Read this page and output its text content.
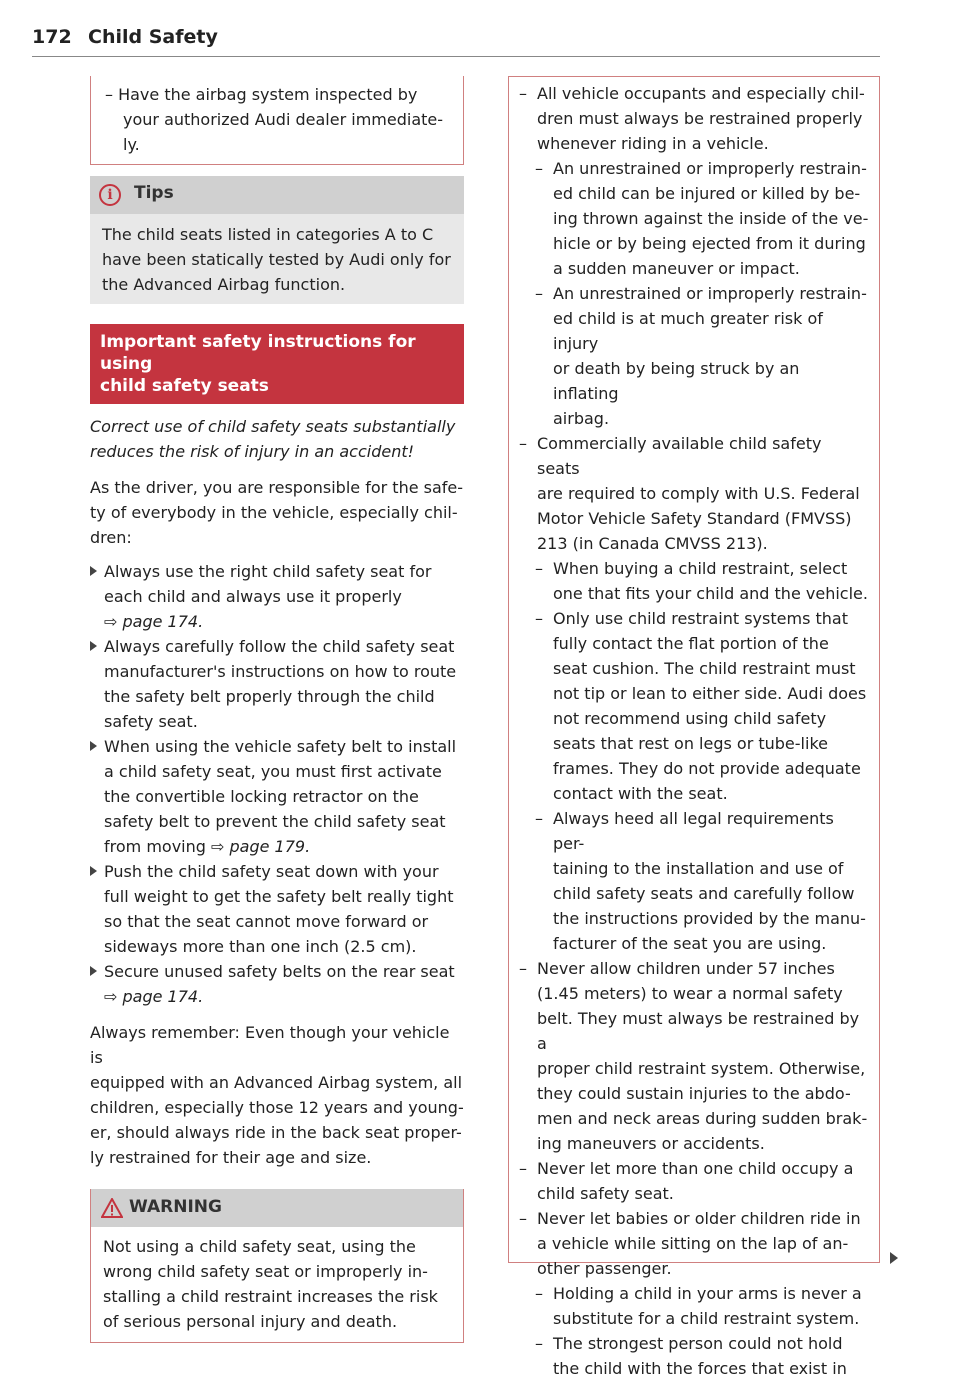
172 Child Safety
– Have the airbag system inspected by
your authorized Audi dealer immediate-
ly.
i	Tips
The child seats listed in categories A to C
have been statically tested by Audi only for
the Advanced Airbag function.
Important safety instructions for using
child safety seats
Correct use of child safety seats substantially
reduces the risk of injury in an accident!
As the driver, you are responsible for the safe-
ty of everybody in the vehicle, especially chil-
dren:
Always use the right child safety seat for
each child and always use it properly
⇨ page 174.
Always carefully follow the child safety seat
manufacturer's instructions on how to route
the safety belt properly through the child
safety seat.
When using the vehicle safety belt to install
a child safety seat, you must first activate
the convertible locking retractor on the
safety belt to prevent the child safety seat
from moving ⇨ page 179.
Push the child safety seat down with your
full weight to get the safety belt really tight
so that the seat cannot move forward or
sideways more than one inch (2.5 cm).
Secure unused safety belts on the rear seat
⇨ page 174.
Always remember: Even though your vehicle is
equipped with an Advanced Airbag system, all
children, especially those 12 years and young-
er, should always ride in the back seat proper-
ly restrained for their age and size.
WARNING
Not using a child safety seat, using the
wrong child safety seat or improperly in-
stalling a child restraint increases the risk
of serious personal injury and death.
– All vehicle occupants and especially chil-
dren must always be restrained properly
whenever riding in a vehicle.
– An unrestrained or improperly restrain-
ed child can be injured or killed by be-
ing thrown against the inside of the ve-
hicle or by being ejected from it during
a sudden maneuver or impact.
– An unrestrained or improperly restrain-
ed child is at much greater risk of injury
or death by being struck by an inflating
airbag.
– Commercially available child safety seats
are required to comply with U.S. Federal
Motor Vehicle Safety Standard (FMVSS)
213 (in Canada CMVSS 213).
– When buying a child restraint, select
one that fits your child and the vehicle.
– Only use child restraint systems that
fully contact the flat portion of the
seat cushion. The child restraint must
not tip or lean to either side. Audi does
not recommend using child safety
seats that rest on legs or tube-like
frames. They do not provide adequate
contact with the seat.
– Always heed all legal requirements per-
taining to the installation and use of
child safety seats and carefully follow
the instructions provided by the manu-
facturer of the seat you are using.
– Never allow children under 57 inches
(1.45 meters) to wear a normal safety
belt. They must always be restrained by a
proper child restraint system. Otherwise,
they could sustain injuries to the abdo-
men and neck areas during sudden brak-
ing maneuvers or accidents.
– Never let more than one child occupy a
child safety seat.
– Never let babies or older children ride in
a vehicle while sitting on the lap of an-
other passenger.
– Holding a child in your arms is never a
substitute for a child restraint system.
– The strongest person could not hold
the child with the forces that exist in
